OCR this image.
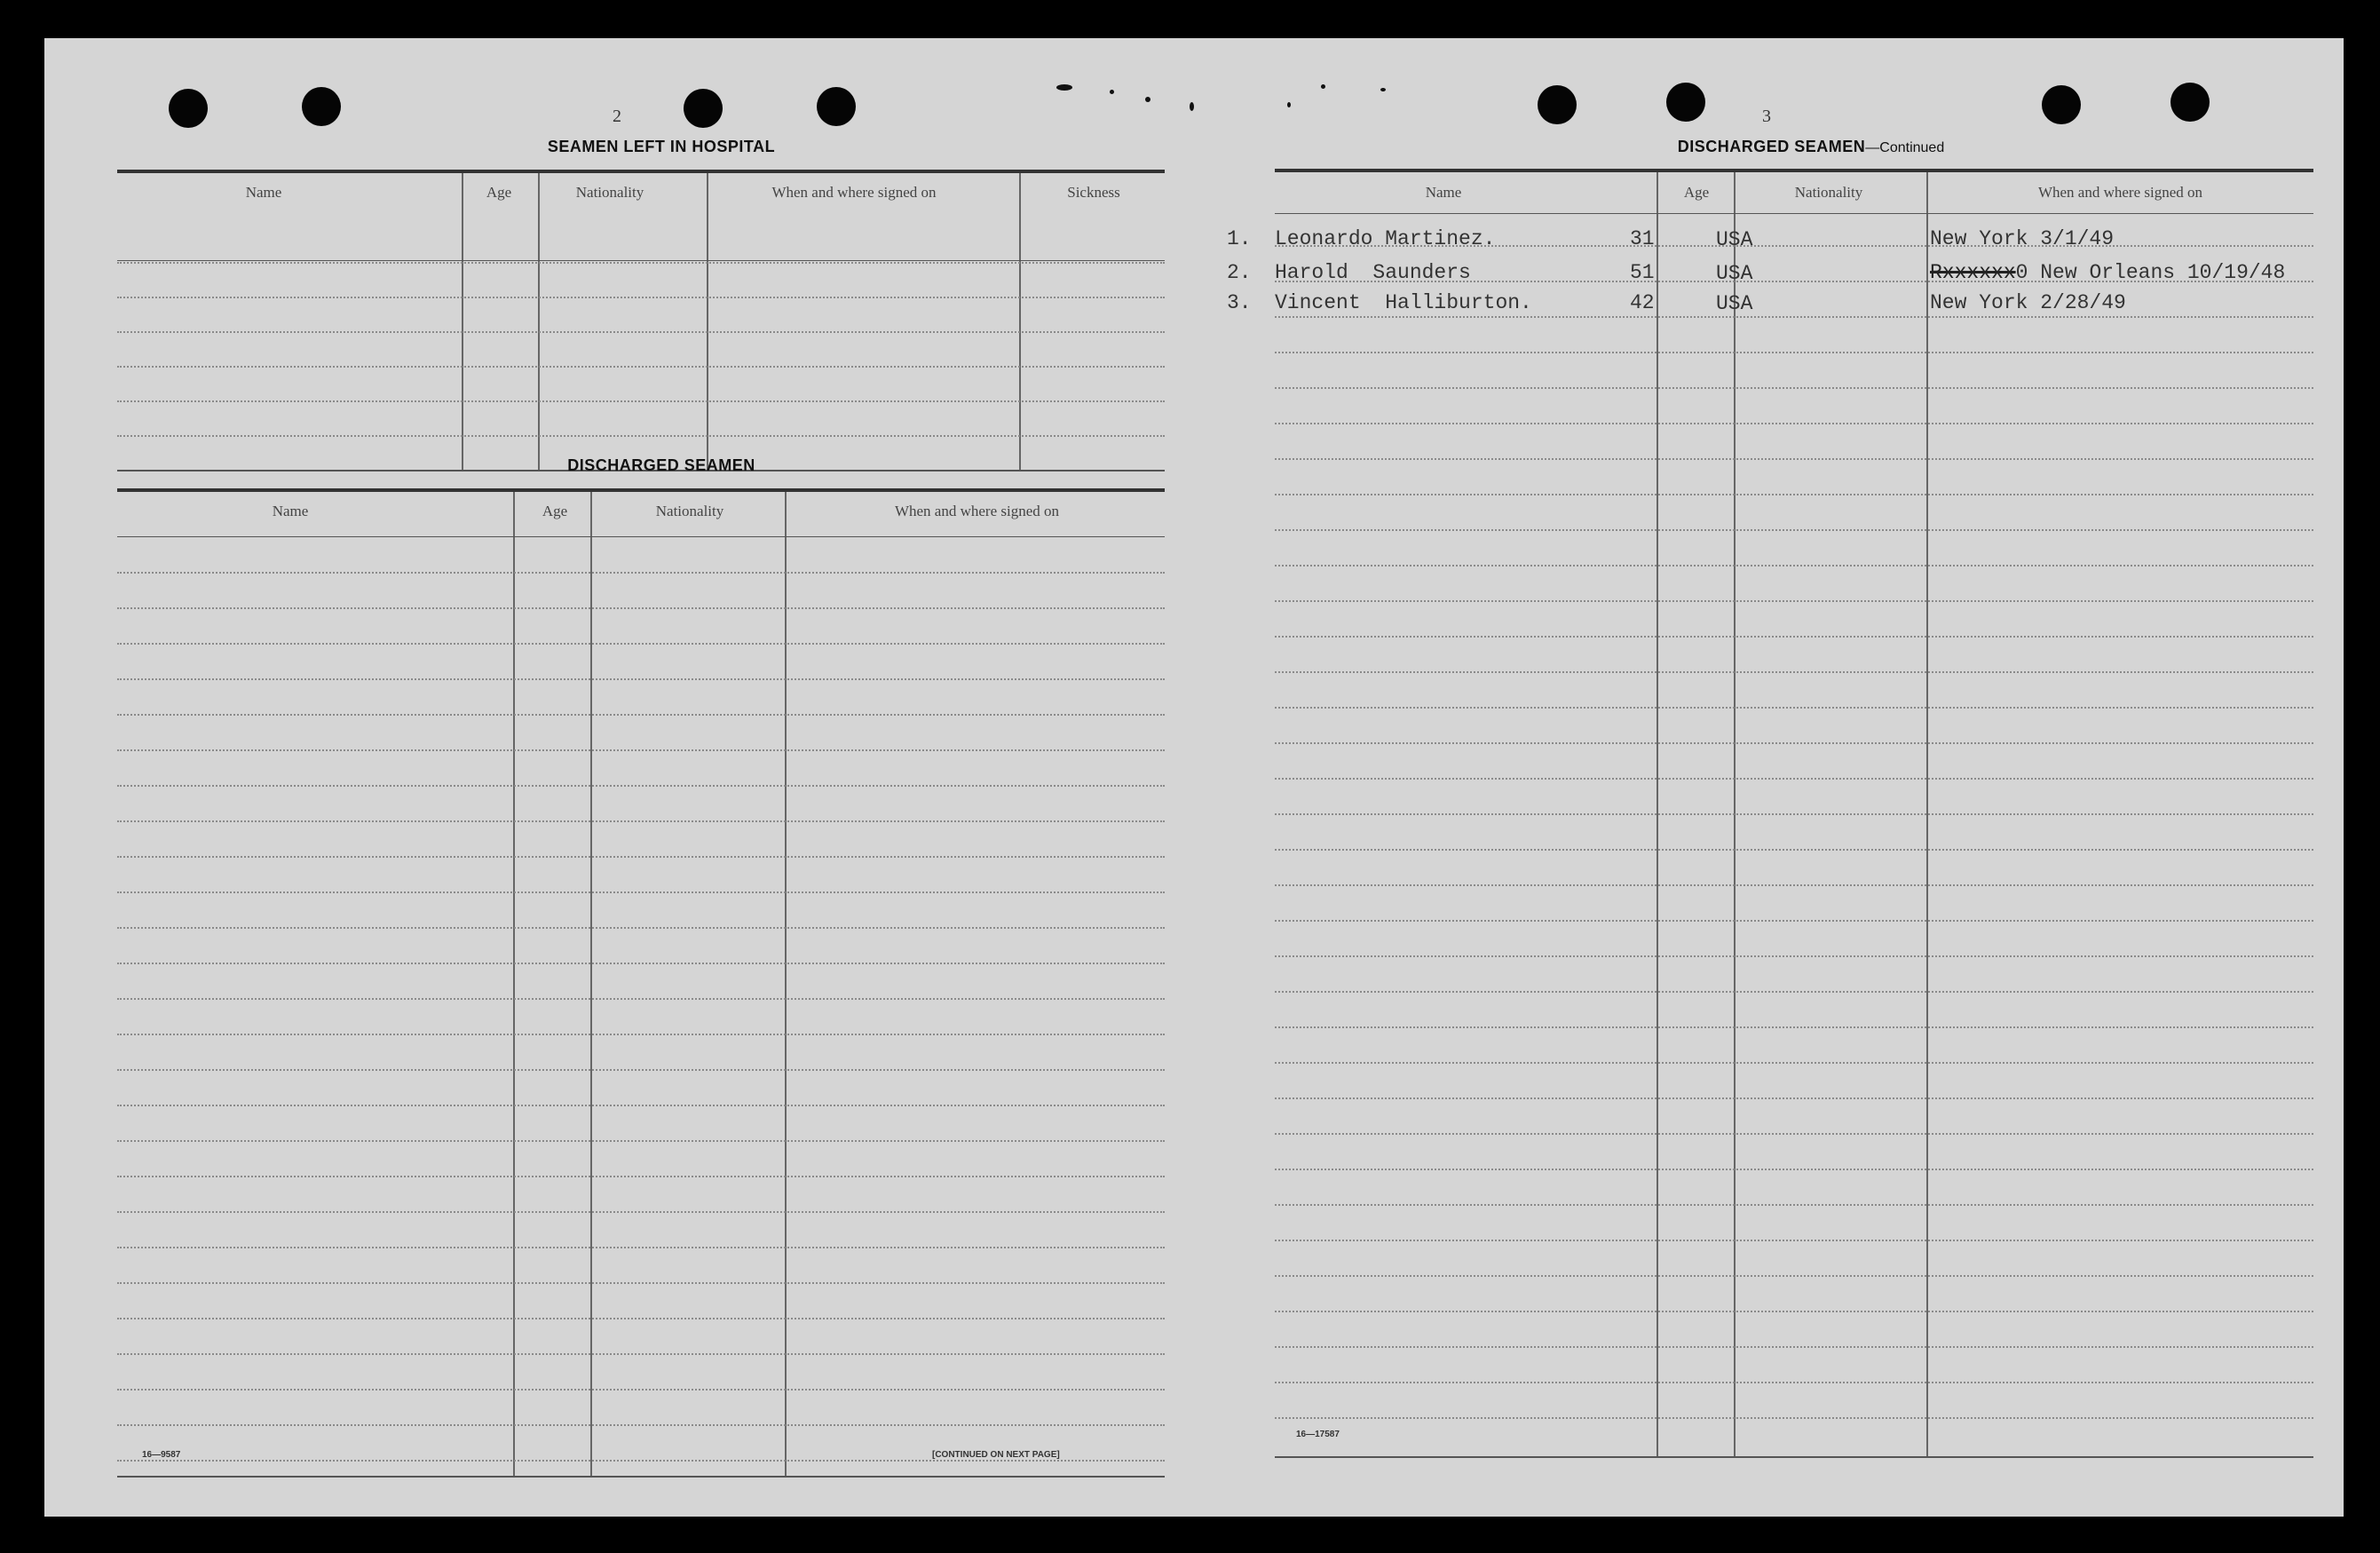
2
SEAMEN LEFT IN HOSPITAL
Name	Age	Nationality	When and where signed on	Sickness
DISCHARGED SEAMEN
Name	Age	Nationality	When and where signed on
16—9587	[CONTINUED ON NEXT PAGE]
3
DISCHARGED SEAMEN—Continued
Name	Age	Nationality	When and where signed on
1. Leonardo Martinez.	31	USA	New York 3/1/49
2. Harold  Saunders	51	USA	Rxxxxxx0 New Orleans 10/19/48
3. Vincent  Halliburton.	42	USA	New York 2/28/49
16—17587
